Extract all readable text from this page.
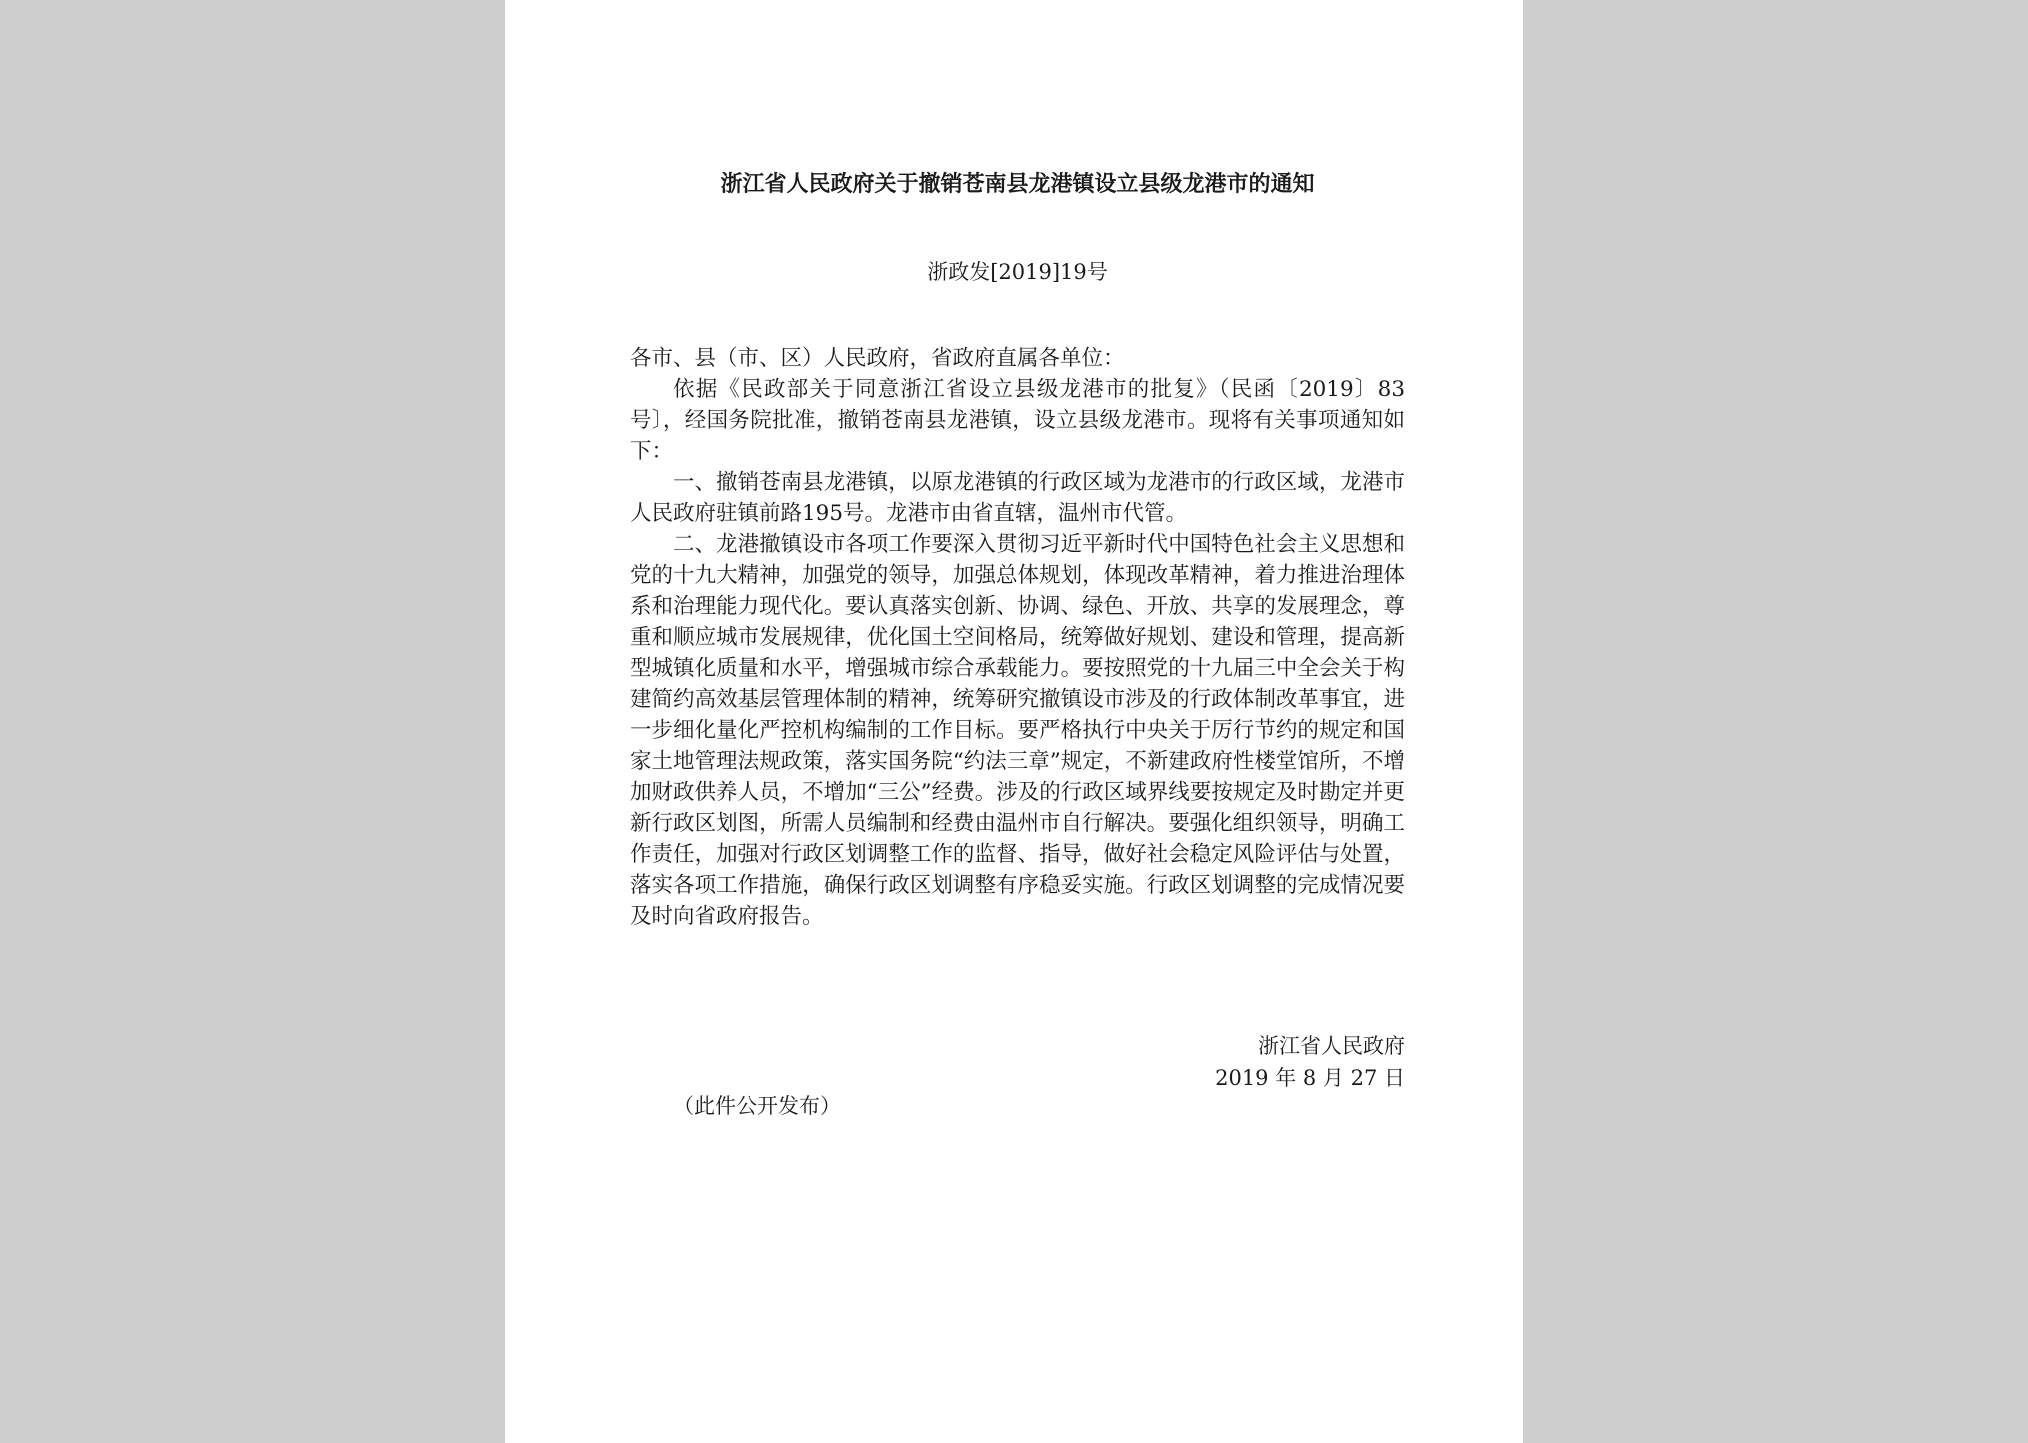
浙江省人民政府关于撤销苍南县龙港镇设立县级龙港市的通知
浙政发[2019]19号

各市、县（市、区）人民政府，省政府直属各单位：

依据《民政部关于同意浙江省设立县级龙港市的批复》（民函〔2019〕83 号〕，经国务院批准，撤销苍南县龙港镇，设立县级龙港市。现将有关事项通知如下：

一、撤销苍南县龙港镇，以原龙港镇的行政区域为龙港市的行政区域，龙港市人民政府驻镇前路195号。龙港市由省直辖，温州市代管。

二、龙港撤镇设市各项工作要深入贯彻习近平新时代中国特色社会主义思想和党的十九大精神，加强党的领导，加强总体规划，体现改革精神，着力推进治理体系和治理能力现代化。要认真落实创新、协调、绿色、开放、共享的发展理念，尊重和顺应城市发展规律，优化国土空间格局，统筹做好规划、建设和管理，提高新型城镇化质量和水平，增强城市综合承载能力。要按照党的十九届三中全会关于构建简约高效基层管理体制的精神，统筹研究撤镇设市涉及的行政体制改革事宜，进一步细化量化严控机构编制的工作目标。要严格执行中央关于厉行节约的规定和国家土地管理法规政策，落实国务院“约法三章”规定，不新建政府性楼堂馆所，不增加财政供养人员，不增加“三公”经费。涉及的行政区域界线要按规定及时勘定并更新行政区划图，所需人员编制和经费由温州市自行解决。要强化组织领导，明确工作责任，加强对行政区划调整工作的监督、指导，做好社会稳定风险评估与处置，落实各项工作措施，确保行政区划调整有序稳妥实施。行政区划调整的完成情况要及时向省政府报告。

浙江省人民政府
2019 年 8 月 27 日
（此件公开发布）
